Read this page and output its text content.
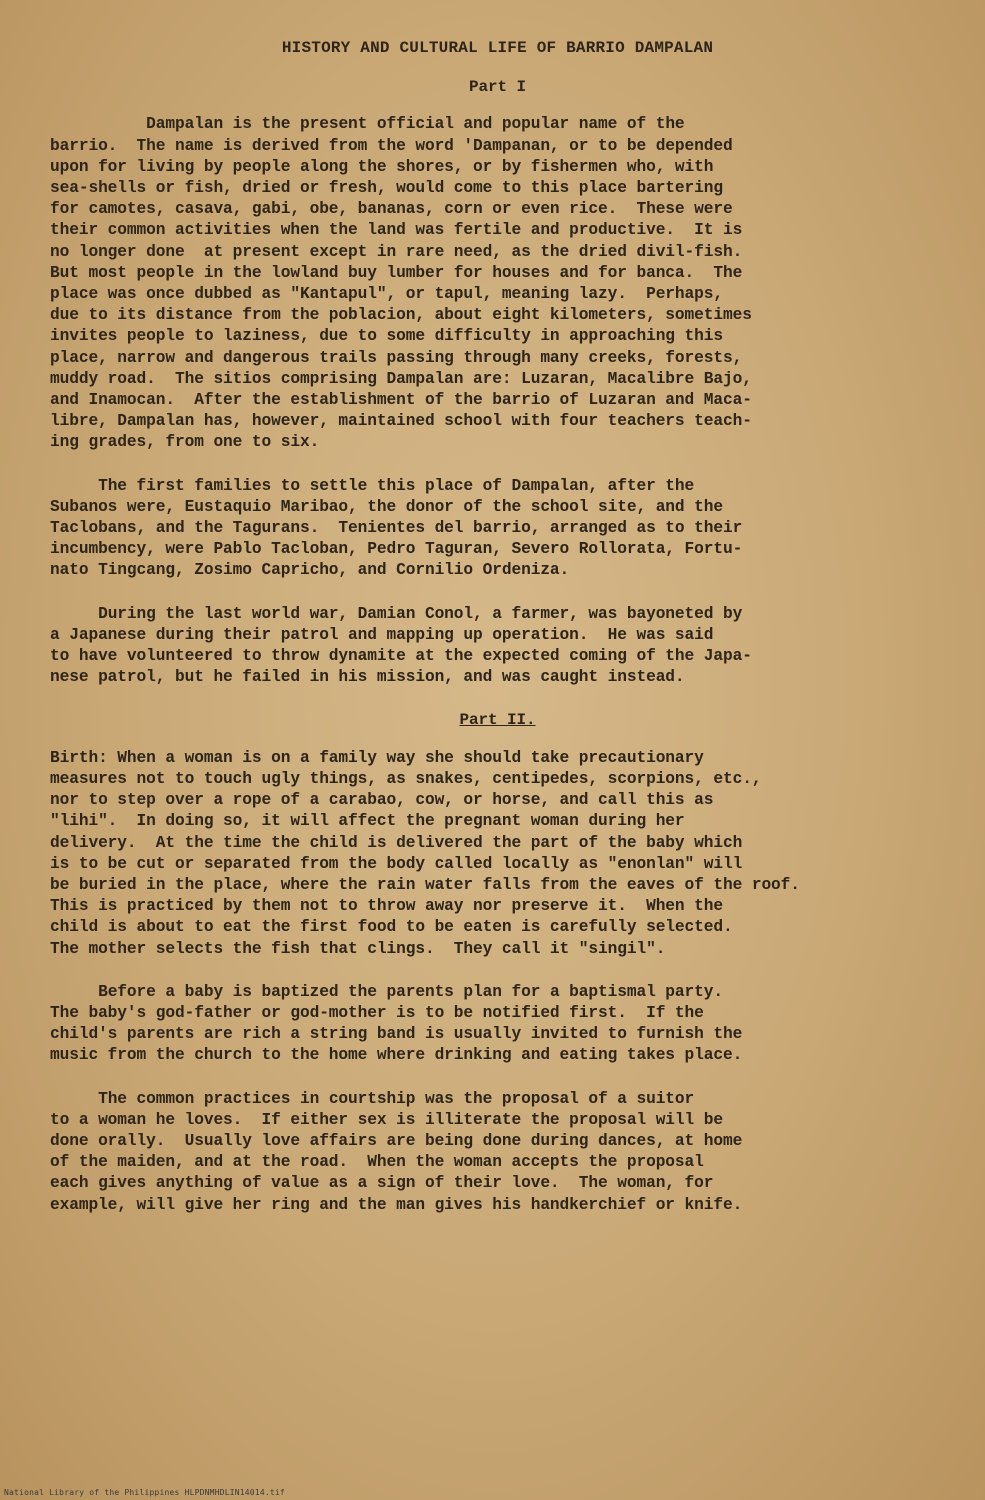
HISTORY AND CULTURAL LIFE OF BARRIO DAMPALAN
Part I
Dampalan is the present official and popular name of the
barrio.  The name is derived from the word 'Dampanan, or to be depended
upon for living by people along the shores, or by fishermen who, with
sea-shells or fish, dried or fresh, would come to this place bartering
for camotes, casava, gabi, obe, bananas, corn or even rice.  These were
their common activities when the land was fertile and productive.  It is
no longer done  at present except in rare need, as the dried divil-fish.
But most people in the lowland buy lumber for houses and for banca.  The
place was once dubbed as "Kantapul", or tapul, meaning lazy.  Perhaps,
due to its distance from the poblacion, about eight kilometers, sometimes
invites people to laziness, due to some difficulty in approaching this
place, narrow and dangerous trails passing through many creeks, forests,
muddy road.  The sitios comprising Dampalan are: Luzaran, Macalibre Bajo,
and Inamocan.  After the establishment of the barrio of Luzaran and Maca-
libre, Dampalan has, however, maintained school with four teachers teach-
ing grades, from one to six.
The first families to settle this place of Dampalan, after the
Subanos were, Eustaquio Maribao, the donor of the school site, and the
Taclobans, and the Tagurans.  Tenientes del barrio, arranged as to their
incumbency, were Pablo Tacloban, Pedro Taguran, Severo Rollorata, Fortu-
nato Tingcang, Zosimo Capricho, and Cornilio Ordeniza.
During the last world war, Damian Conol, a farmer, was bayoneted by
a Japanese during their patrol and mapping up operation.  He was said
to have volunteered to throw dynamite at the expected coming of the Japa-
nese patrol, but he failed in his mission, and was caught instead.
Part II.
Birth: When a woman is on a family way she should take precautionary
measures not to touch ugly things, as snakes, centipedes, scorpions, etc.,
nor to step over a rope of a carabao, cow, or horse, and call this as
"lihi".  In doing so, it will affect the pregnant woman during her
delivery.  At the time the child is delivered the part of the baby which
is to be cut or separated from the body called locally as "enonlan" will
be buried in the place, where the rain water falls from the eaves of the roof.
This is practiced by them not to throw away nor preserve it.  When the
child is about to eat the first food to be eaten is carefully selected.
The mother selects the fish that clings.  They call it "singil".
Before a baby is baptized the parents plan for a baptismal party.
The baby's god-father or god-mother is to be notified first.  If the
child's parents are rich a string band is usually invited to furnish the
music from the church to the home where drinking and eating takes place.
The common practices in courtship was the proposal of a suitor
to a woman he loves.  If either sex is illiterate the proposal will be
done orally.  Usually love affairs are being done during dances, at home
of the maiden, and at the road.  When the woman accepts the proposal
each gives anything of value as a sign of their love.  The woman, for
example, will give her ring and the man gives his handkerchief or knife.
National Library of the Philippines HLPDNMHDLIN14014.tif
